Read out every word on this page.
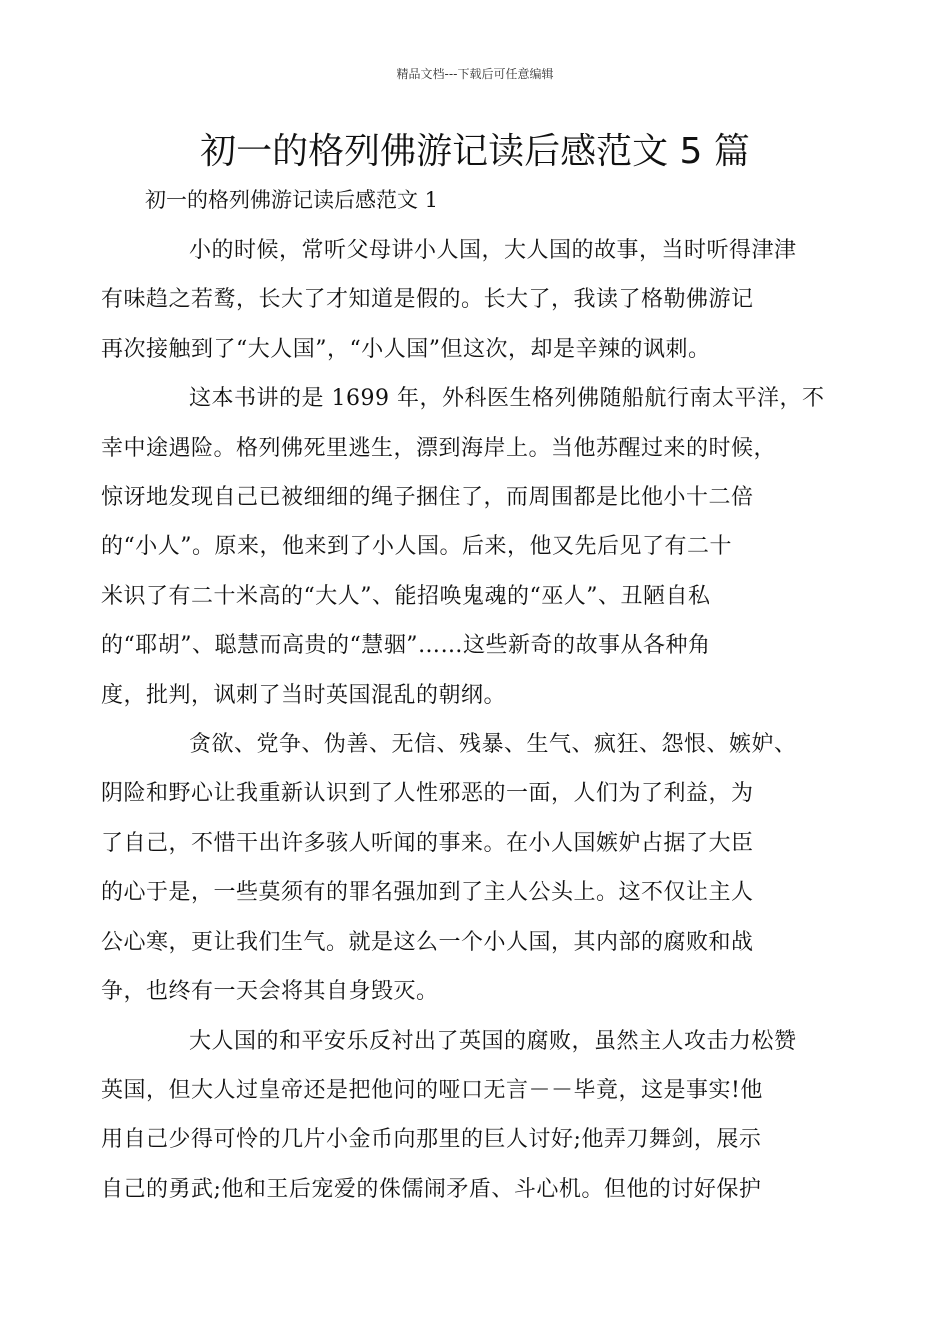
精品文档---下载后可任意编辑
初一的格列佛游记读后感范文 5 篇
初一的格列佛游记读后感范文 1

小的时候，常听父母讲小人国，大人国的故事，当时听得津津
有味趋之若鹜，长大了才知道是假的。长大了，我读了格勒佛游记
再次接触到了“大人国”，“小人国”但这次，却是辛辣的讽刺。

这本书讲的是 1699 年，外科医生格列佛随船航行南太平洋，不
幸中途遇险。格列佛死里逃生，漂到海岸上。当他苏醒过来的时候，
惊讶地发现自己已被细细的绳子捆住了，而周围都是比他小十二倍
的“小人”。原来，他来到了小人国。后来，他又先后见了有二十
米识了有二十米高的“大人”、能招唤鬼魂的“巫人”、丑陋自私
的“耶胡”、聪慧而高贵的“慧骃”……这些新奇的故事从各种角
度，批判，讽刺了当时英国混乱的朝纲。

贪欲、党争、伪善、无信、残暴、生气、疯狂、怨恨、嫉妒、
阴险和野心让我重新认识到了人性邪恶的一面，人们为了利益，为
了自己，不惜干出许多骇人听闻的事来。在小人国嫉妒占据了大臣
的心于是，一些莫须有的罪名强加到了主人公头上。这不仅让主人
公心寒，更让我们生气。就是这么一个小人国，其内部的腐败和战
争，也终有一天会将其自身毁灭。

大人国的和平安乐反衬出了英国的腐败，虽然主人攻击力松赞
英国，但大人过皇帝还是把他问的哑口无言－－毕竟，这是事实!他
用自己少得可怜的几片小金币向那里的巨人讨好;他弄刀舞剑，展示
自己的勇武;他和王后宠爱的侏儒闹矛盾、斗心机。但他的讨好保护
